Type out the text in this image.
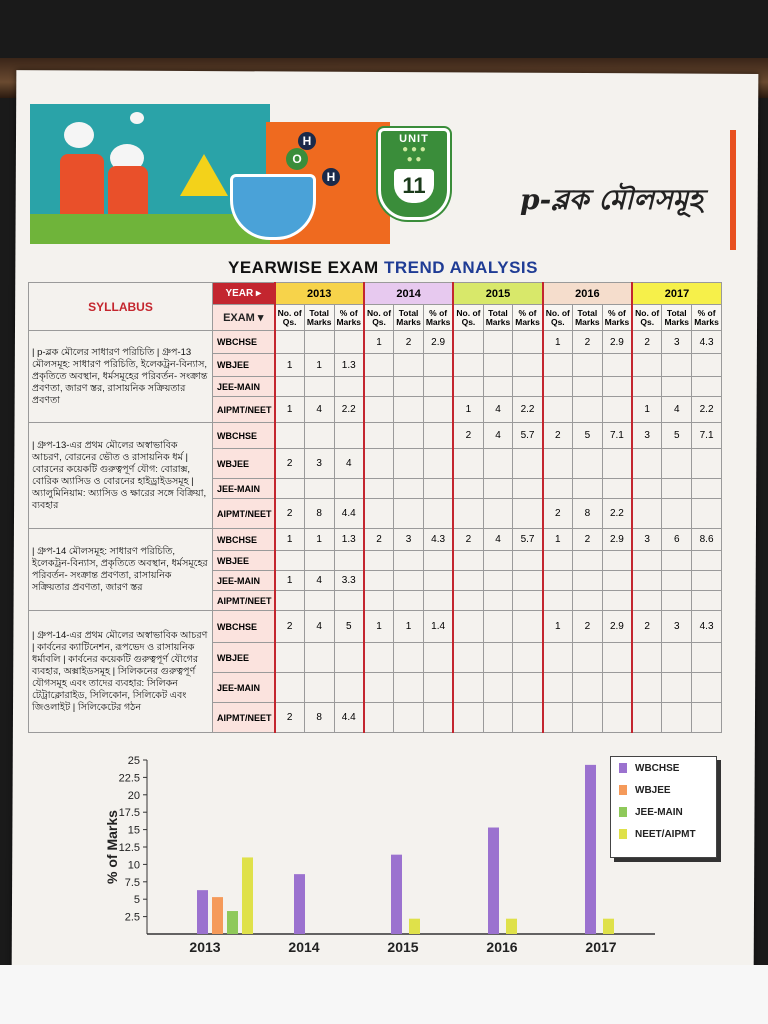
O
H
H
UNIT
● ● ●
● ●
11	p-ব্লক মৌলসমূহ
YEARWISE EXAM TREND ANALYSIS
SYLLABUS	YEAR ▸	2013			2014			2015			2016			2017		
	EXAM ▾	No. of Qs.	Total Marks	% of Marks	No. of Qs.	Total Marks	% of Marks	No. of Qs.	Total Marks	% of Marks	No. of Qs.	Total Marks	% of Marks	No. of Qs.	Total Marks	% of Marks
| p-ব্লক মৌলের সাধারণ পরিচিতি | গ্রুপ-13 মৌলসমূহ: সাধারণ পরিচিতি, ইলেকট্রন-বিন্যাস, প্রকৃতিতে অবস্থান, ধর্মসমূহের পরিবর্তন- সংক্রান্ত প্রবণতা, জারণ স্তর, রাসায়নিক সক্রিয়তার প্রবণতা	WBCHSE				1	2	2.9				1	2	2.9	2	3	4.3
	WBJEE	1	1	1.3												
	JEE-MAIN															
	AIPMT/NEET	1	4	2.2				1	4	2.2				1	4	2.2
| গ্রুপ-13-এর প্রথম মৌলের অস্বাভাবিক আচরণ, বোরনের ভৌত ও রাসায়নিক ধর্ম | বোরনের কয়েকটি গুরুত্বপূর্ণ যৌগ: বোরাক্স, বোরিক অ্যাসিড ও বোরনের হাইড্রাইডসমূহ | অ্যালুমিনিয়াম: অ্যাসিড ও ক্ষারের সঙ্গে বিক্রিয়া, ব্যবহার	WBCHSE							2	4	5.7	2	5	7.1	3	5	7.1
	WBJEE	2	3	4												
	JEE-MAIN															
	AIPMT/NEET	2	8	4.4							2	8	2.2			
| গ্রুপ-14 মৌলসমূহ: সাধারণ পরিচিতি, ইলেকট্রন-বিন্যাস, প্রকৃতিতে অবস্থান, ধর্মসমূহের পরিবর্তন- সংক্রান্ত প্রবণতা, রাসায়নিক সক্রিয়তার প্রবণতা, জারণ স্তর	WBCHSE	1	1	1.3	2	3	4.3	2	4	5.7	1	2	2.9	3	6	8.6
	WBJEE															
	JEE-MAIN	1	4	3.3												
	AIPMT/NEET															
| গ্রুপ-14-এর প্রথম মৌলের অস্বাভাবিক আচরণ | কার্বনের ক্যাটিনেশন, রূপভেদ ও রাসায়নিক ধর্মাবলি | কার্বনের কয়েকটি গুরুত্বপূর্ণ যৌগের ব্যবহার, অক্সাইডসমূহ | সিলিকনের গুরুত্বপূর্ণ যৌগসমূহ এবং তাদের ব্যবহার: সিলিকন টেট্রাক্লোরাইড, সিলিকোন, সিলিকেট এবং জিওলাইট | সিলিকেটের গঠন	WBCHSE	2	4	5	1	1	1.4				1	2	2.9	2	3	4.3
	WBJEE															
	JEE-MAIN															
	AIPMT/NEET	2	8	4.4												
2.5
5
7.5
10
12.5
15
17.5
20
22.5
25
% of Marks
2013	2014	2015	2016	2017
WBCHSE
WBJEE
JEE-MAIN
NEET/AIPMT
